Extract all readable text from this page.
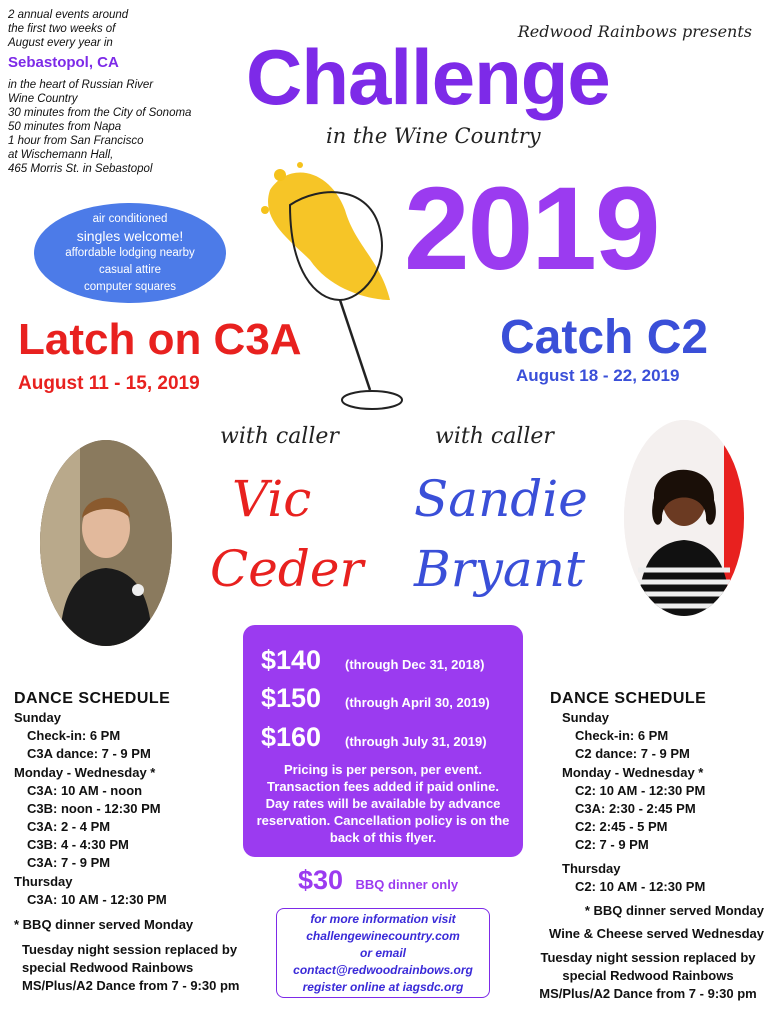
2 annual events around
the first two weeks of
August every year in
Sebastopol, CA
in the heart of Russian River
Wine Country
30 minutes from the City of Sonoma
50 minutes from Napa
1 hour from San Francisco
at Wischemann Hall,
465 Morris St. in Sebastopol
Redwood Rainbows presents
Challenge
in the Wine Country
2019
air conditioned
singles welcome!
affordable lodging nearby
casual attire
computer squares
Latch on C3A
August 11 - 15, 2019
Catch C2
August 18 - 22, 2019
with caller	with caller
Vic
Ceder
Sandie
Bryant
$140	(through Dec 31, 2018)
$150	(through April 30, 2019)
$160	(through July 31, 2019)
Pricing is per person, per event. Transaction fees added if paid online. Day rates will be available by advance reservation. Cancellation policy is on the back of this flyer.
$30 BBQ dinner only
for more information visit
challengewinecountry.com
or email
contact@redwoodrainbows.org
register online at iagsdc.org
DANCE SCHEDULE
Sunday
Check-in: 6 PM
C3A dance: 7 - 9 PM
Monday - Wednesday *
C3A: 10 AM - noon
C3B: noon - 12:30 PM
C3A: 2 - 4 PM
C3B: 4 - 4:30 PM
C3A: 7 - 9 PM
Thursday
C3A: 10 AM - 12:30 PM
* BBQ dinner served Monday
Tuesday night session replaced by special Redwood Rainbows MS/Plus/A2 Dance from 7 - 9:30 pm
DANCE SCHEDULE
Sunday
Check-in: 6 PM
C2 dance: 7 - 9 PM
Monday - Wednesday *
C2: 10 AM - 12:30 PM
C3A: 2:30 - 2:45 PM
C2: 2:45 - 5 PM
C2: 7 - 9 PM
Thursday
C2: 10 AM - 12:30 PM
* BBQ dinner served Monday
Wine & Cheese served Wednesday
Tuesday night session replaced by special Redwood Rainbows MS/Plus/A2 Dance from 7 - 9:30 pm
